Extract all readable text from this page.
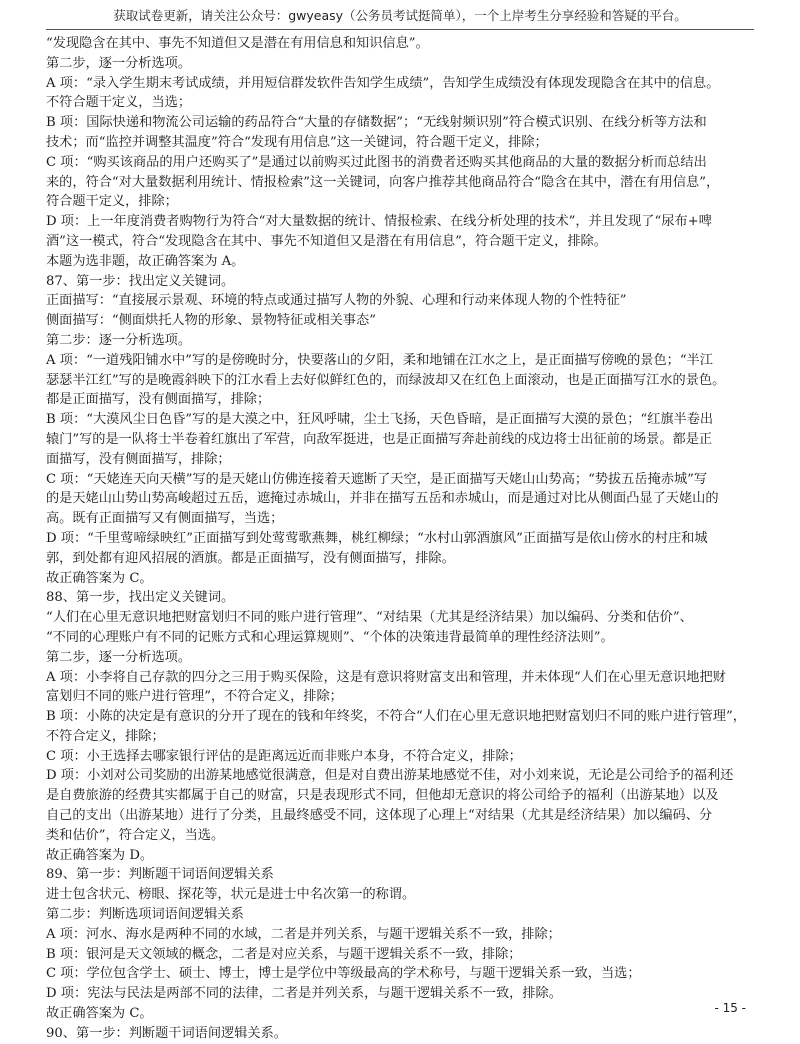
获取试卷更新，请关注公众号：gwyeasy（公务员考试挺简单），一个上岸考生分享经验和答疑的平台。
“发现隐含在其中、事先不知道但又是潜在有用信息和知识信息”。
第二步，逐一分析选项。
A 项：“录入学生期末考试成绩，并用短信群发软件告知学生成绩”，告知学生成绩没有体现发现隐含在其中的信息。
不符合题干定义，当选；
B 项：国际快递和物流公司运输的药品符合“大量的存储数据”；“无线射频识别”符合模式识别、在线分析等方法和
技术；而“监控并调整其温度”符合“发现有用信息”这一关键词，符合题干定义，排除；
C 项：“购买该商品的用户还购买了”是通过以前购买过此图书的消费者还购买其他商品的大量的数据分析而总结出
来的，符合“对大量数据利用统计、情报检索”这一关键词，向客户推荐其他商品符合“隐含在其中，潜在有用信息”，
符合题干定义，排除；
D 项：上一年度消费者购物行为符合“对大量数据的统计、情报检索、在线分析处理的技术”，并且发现了“尿布+啤
酒”这一模式，符合“发现隐含在其中、事先不知道但又是潜在有用信息”，符合题干定义，排除。
本题为选非题，故正确答案为 A。
87、第一步：找出定义关键词。
正面描写：“直接展示景观、环境的特点或通过描写人物的外貌、心理和行动来体现人物的个性特征”
侧面描写：“侧面烘托人物的形象、景物特征或相关事态”
第二步：逐一分析选项。
A 项：“一道残阳铺水中”写的是傍晚时分，快要落山的夕阳，柔和地铺在江水之上，是正面描写傍晚的景色；“半江
瑟瑟半江红”写的是晚霞斜映下的江水看上去好似鲜红色的，而绿波却又在红色上面滚动，也是正面描写江水的景色。
都是正面描写，没有侧面描写，排除；
B 项：“大漠风尘日色昏”写的是大漠之中，狂风呼啸，尘土飞扬，天色昏暗，是正面描写大漠的景色；“红旗半卷出
辕门”写的是一队将士半卷着红旗出了军营，向敌军挺进，也是正面描写奔赴前线的戍边将士出征前的场景。都是正
面描写，没有侧面描写，排除；
C 项：“天姥连天向天横”写的是天姥山仿佛连接着天遮断了天空，是正面描写天姥山山势高；“势拔五岳掩赤城”写
的是天姥山山势山势高峻超过五岳，遮掩过赤城山，并非在描写五岳和赤城山，而是通过对比从侧面凸显了天姥山的
高。既有正面描写又有侧面描写，当选；
D 项：“千里莺啼绿映红”正面描写到处莺莺歌燕舞，桃红柳绿；“水村山郭酒旗风”正面描写是依山傍水的村庄和城
郭，到处都有迎风招展的酒旗。都是正面描写，没有侧面描写，排除。
故正确答案为 C。
88、第一步，找出定义关键词。
“人们在心里无意识地把财富划归不同的账户进行管理”、“对结果（尤其是经济结果）加以编码、分类和估价”、
“不同的心理账户有不同的记账方式和心理运算规则”、“个体的决策违背最简单的理性经济法则”。
第二步，逐一分析选项。
A 项：小李将自己存款的四分之三用于购买保险，这是有意识将财富支出和管理，并未体现“人们在心里无意识地把财
富划归不同的账户进行管理”，不符合定义，排除；
B 项：小陈的决定是有意识的分开了现在的钱和年终奖，不符合“人们在心里无意识地把财富划归不同的账户进行管理”，
不符合定义，排除；
C 项：小王选择去哪家银行评估的是距离远近而非账户本身，不符合定义，排除；
D 项：小刘对公司奖励的出游某地感觉很满意，但是对自费出游某地感觉不佳，对小刘来说，无论是公司给予的福利还
是自费旅游的经费其实都属于自己的财富，只是表现形式不同，但他却无意识的将公司给予的福利（出游某地）以及
自己的支出（出游某地）进行了分类，且最终感受不同，这体现了心理上“对结果（尤其是经济结果）加以编码、分
类和估价”，符合定义，当选。
故正确答案为 D。
89、第一步：判断题干词语间逻辑关系
进士包含状元、榜眼、探花等，状元是进士中名次第一的称谓。
第二步：判断选项词语间逻辑关系
A 项：河水、海水是两种不同的水域，二者是并列关系，与题干逻辑关系不一致，排除；
B 项：银河是天文领域的概念，二者是对应关系，与题干逻辑关系不一致，排除；
C 项：学位包含学士、硕士、博士，博士是学位中等级最高的学术称号，与题干逻辑关系一致，当选；
D 项：宪法与民法是两部不同的法律，二者是并列关系，与题干逻辑关系不一致，排除。
故正确答案为 C。
90、第一步：判断题干词语间逻辑关系。
- 15 -
